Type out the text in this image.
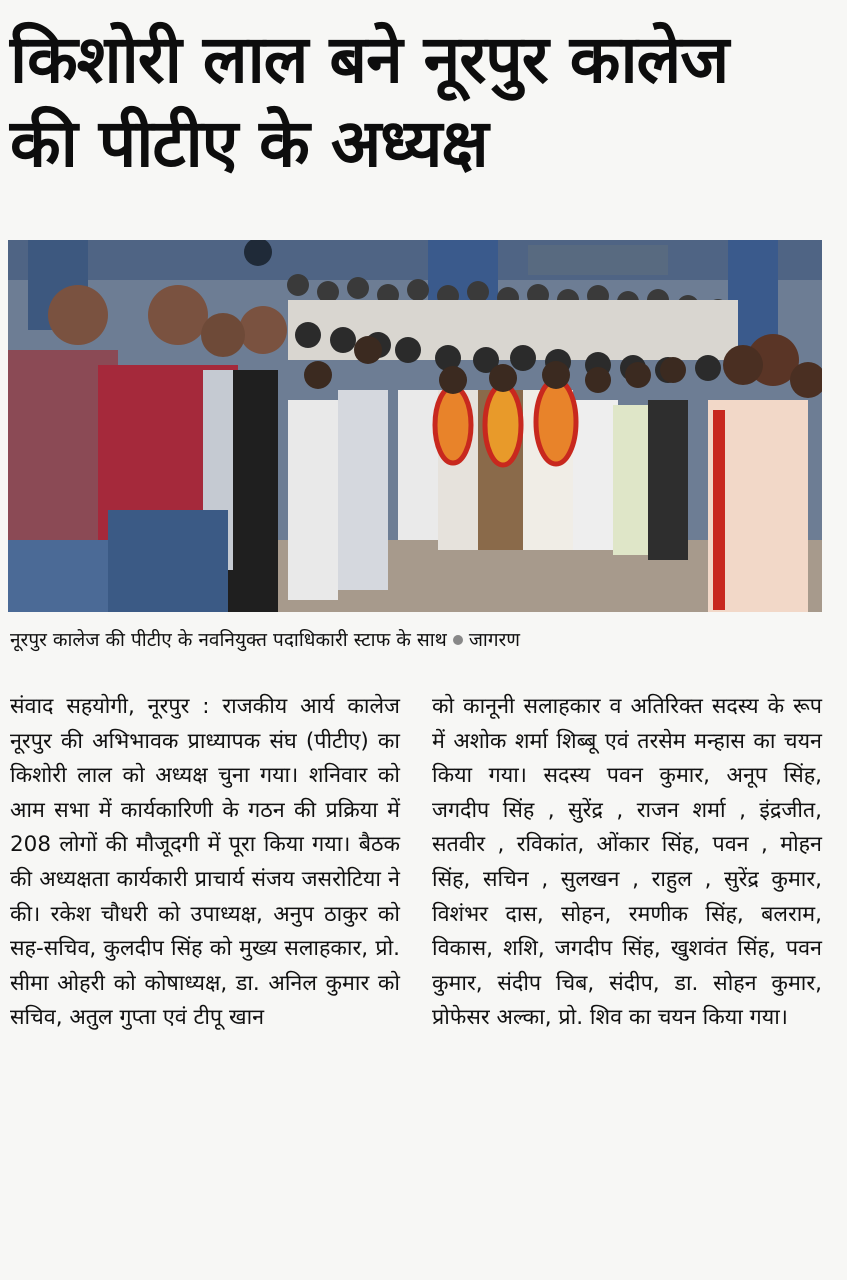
किशोरी लाल बने नूरपुर कालेज
की पीटीए के अध्यक्ष
नूरपुर कालेज की पीटीए के नवनियुक्त पदाधिकारी स्टाफ के साथ जागरण
संवाद सहयोगी, नूरपुर : राजकीय आर्य कालेज नूरपुर की अभिभावक प्राध्यापक संघ (पीटीए) का किशोरी लाल को अध्यक्ष चुना गया। शनिवार को आम सभा में कार्यकारिणी के गठन की प्रक्रिया में 208 लोगों की मौजूदगी में पूरा किया गया। बैठक की अध्यक्षता कार्यकारी प्राचार्य संजय जसरोटिया ने की। रकेश चौधरी को उपाध्यक्ष, अनुप ठाकुर को सह-सचिव, कुलदीप सिंह को मुख्य सलाहकार, प्रो. सीमा ओहरी को कोषाध्यक्ष, डा. अनिल कुमार को सचिव, अतुल गुप्ता एवं टीपू खान
को कानूनी सलाहकार व अतिरिक्त सदस्य के रूप में अशोक शर्मा शिब्बू एवं तरसेम मन्हास का चयन किया गया। सदस्य पवन कुमार, अनूप सिंह, जगदीप सिंह , सुरेंद्र , राजन शर्मा , इंद्रजीत, सतवीर , रविकांत, ओंकार सिंह, पवन , मोहन सिंह, सचिन , सुलखन , राहुल , सुरेंद्र कुमार, विशंभर दास, सोहन, रमणीक सिंह, बलराम, विकास, शशि, जगदीप सिंह, खुशवंत सिंह, पवन कुमार, संदीप चिब, संदीप, डा. सोहन कुमार, प्रोफेसर अल्का, प्रो. शिव का चयन किया गया।
